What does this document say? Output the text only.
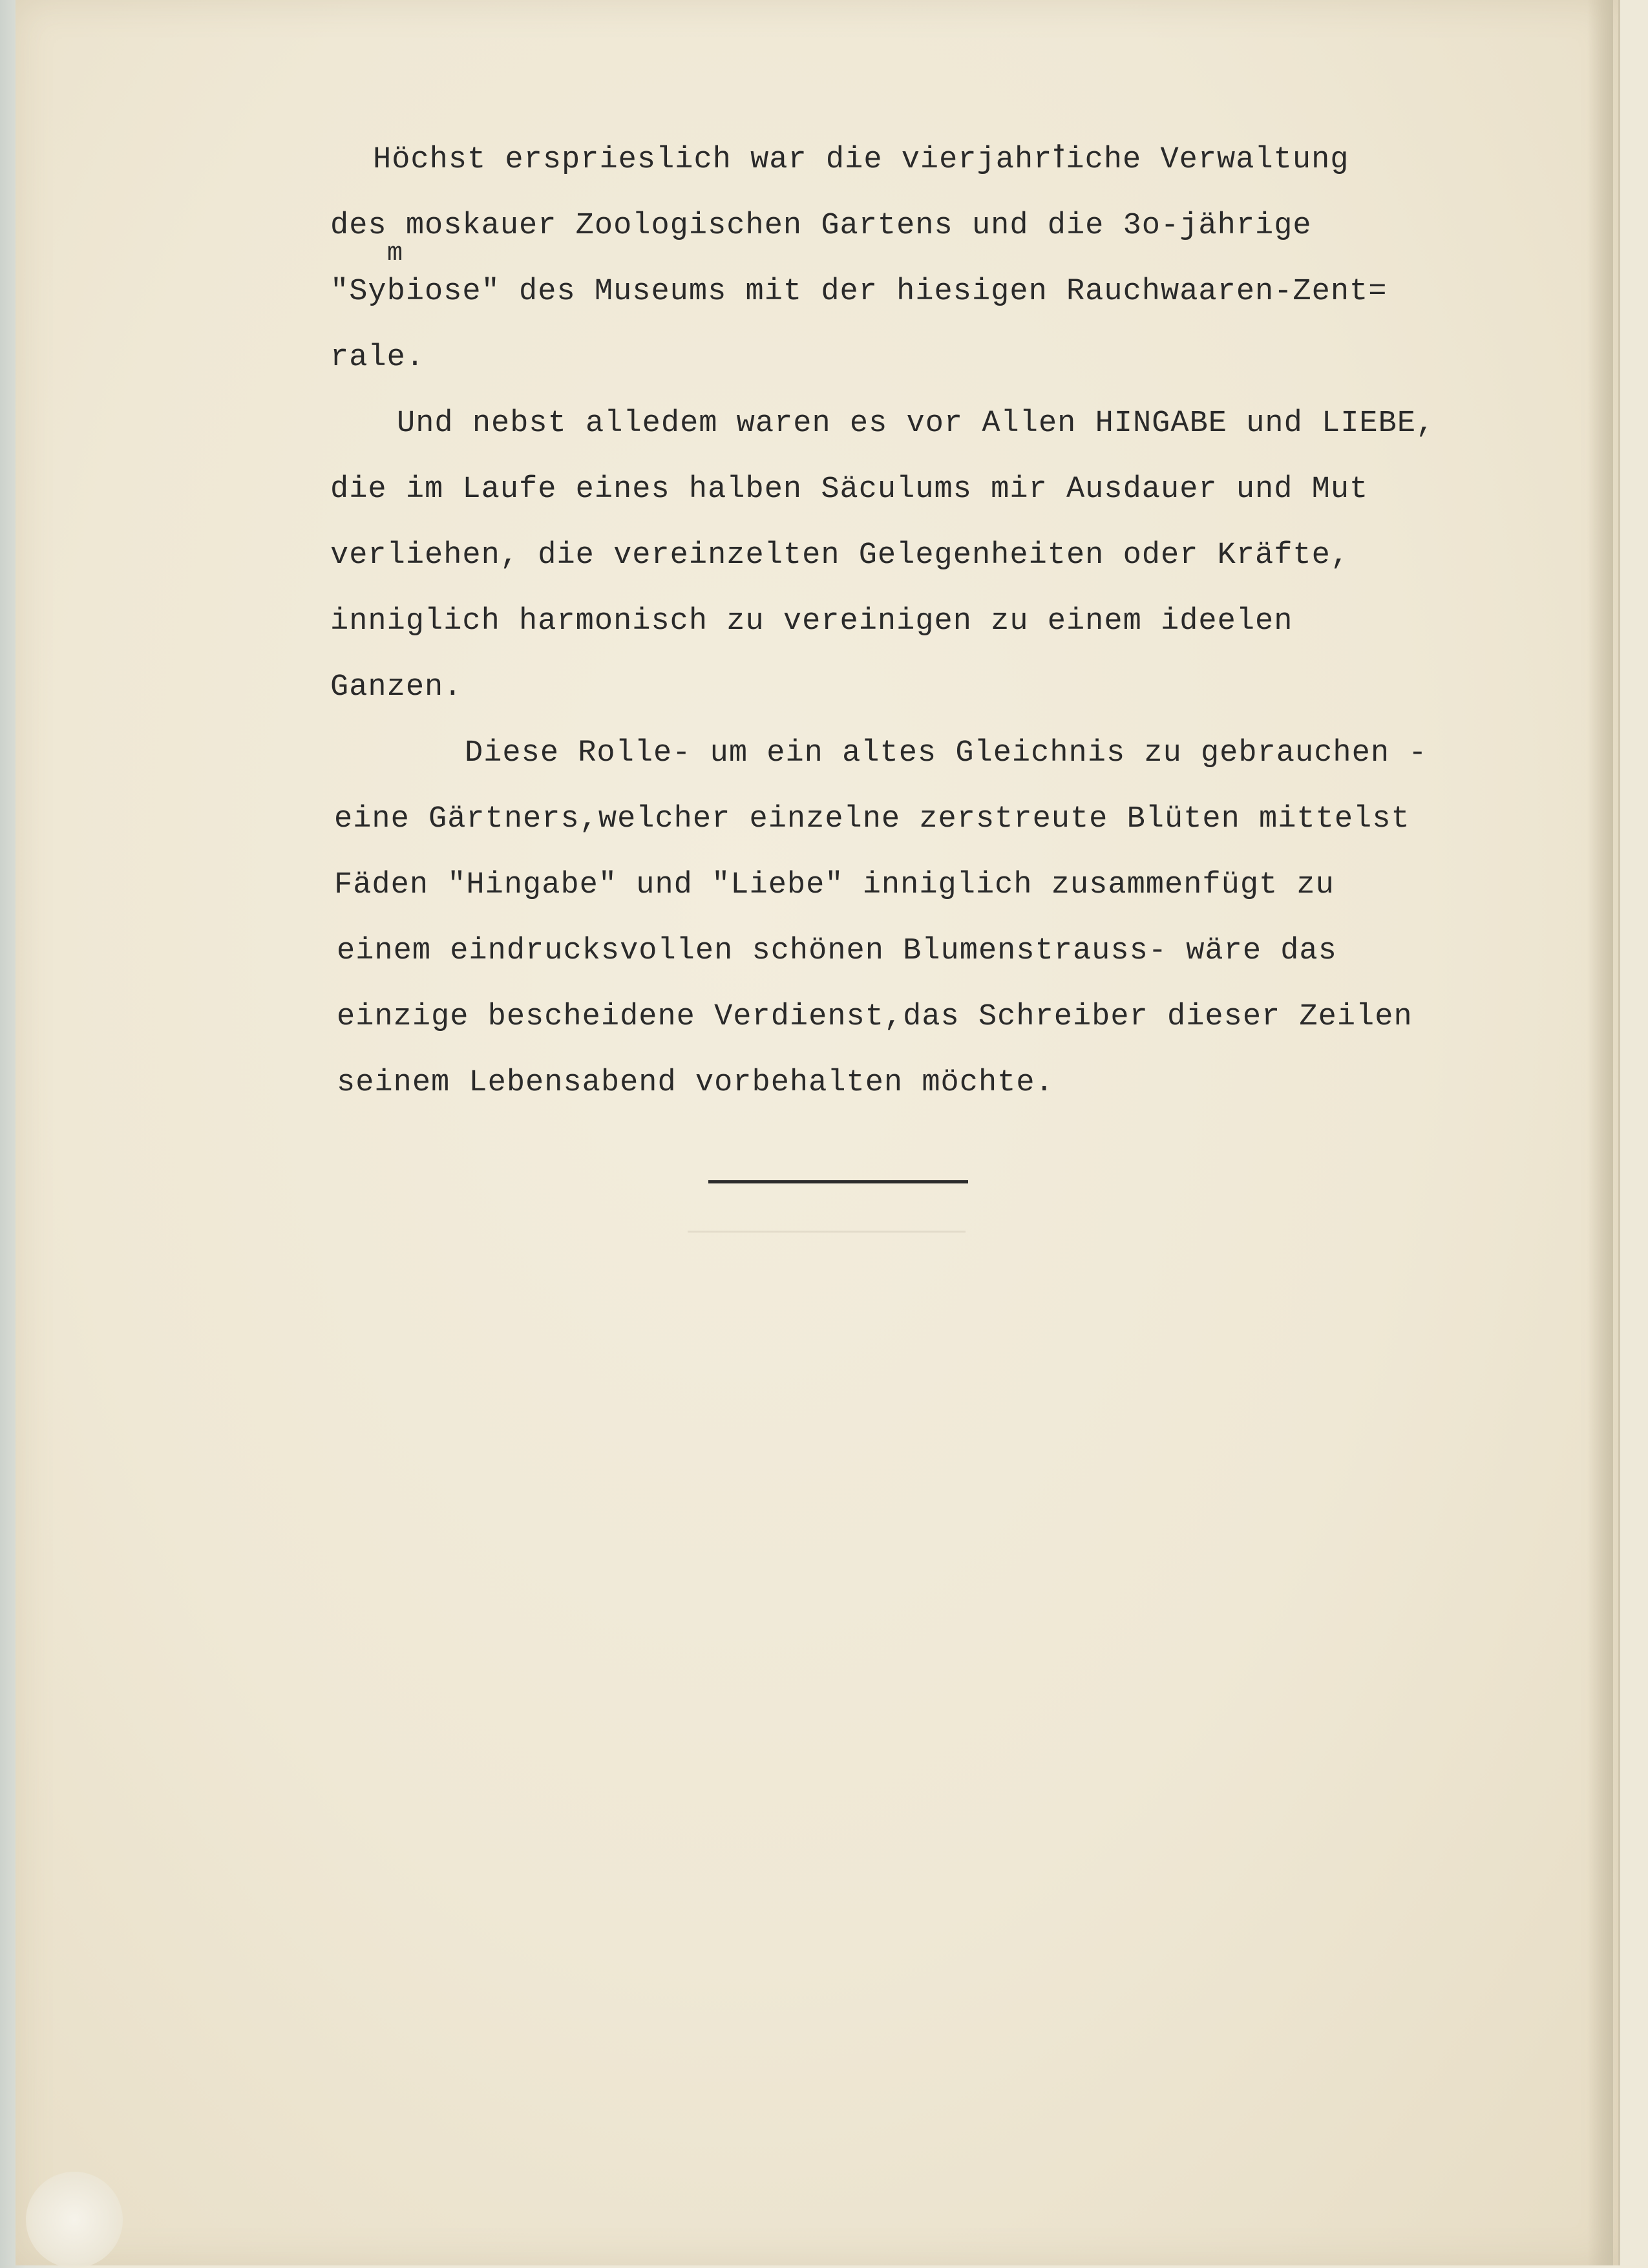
Höchst ersprieslich war die vierjahrꝉiche Verwaltung
des moskauer Zoologischen Gartens und die 3o-jährige
m
"Sybiose" des Museums mit der hiesigen Rauchwaaren-Zent=
rale.
Und nebst alledem waren es vor Allen HINGABE und LIEBE,
die im Laufe eines halben Säculums mir Ausdauer und Mut
verliehen, die vereinzelten Gelegenheiten oder Kräfte,
inniglich harmonisch zu vereinigen zu einem ideelen
Ganzen.
Diese Rolle- um ein altes Gleichnis zu gebrauchen -
eine Gärtners,welcher einzelne zerstreute Blüten mittelst
Fäden "Hingabe" und "Liebe" inniglich zusammenfügt zu
einem eindrucksvollen schönen Blumenstrauss- wäre das
einzige bescheidene Verdienst,das Schreiber dieser Zeilen
seinem Lebensabend vorbehalten möchte.
